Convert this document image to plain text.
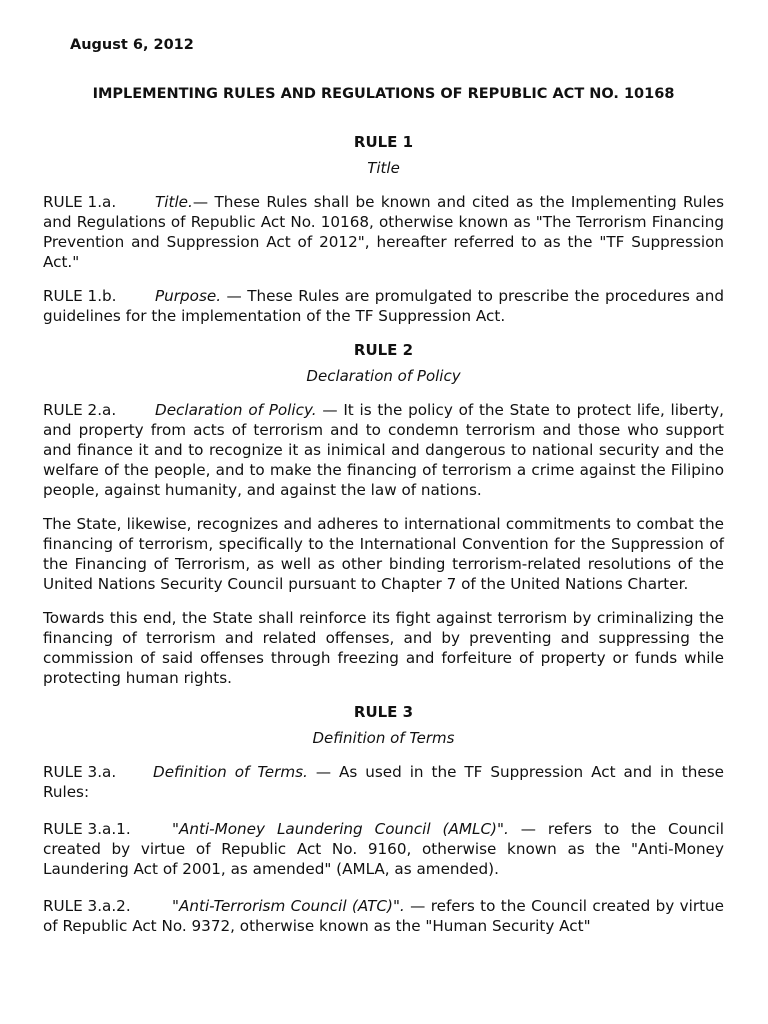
August 6, 2012
IMPLEMENTING RULES AND REGULATIONS OF REPUBLIC ACT NO. 10168
RULE 1
Title

RULE 1.a.	Title.— These Rules shall be known and cited as the Implementing Rules and Regulations of Republic Act No. 10168, otherwise known as "The Terrorism Financing Prevention and Suppression Act of 2012", hereafter referred to as the "TF Suppression Act."

RULE 1.b.	Purpose. — These Rules are promulgated to prescribe the procedures and guidelines for the implementation of the TF Suppression Act.

RULE 2
Declaration of Policy

RULE 2.a.	Declaration of Policy. — It is the policy of the State to protect life, liberty, and property from acts of terrorism and to condemn terrorism and those who support and finance it and to recognize it as inimical and dangerous to national security and the welfare of the people, and to make the financing of terrorism a crime against the Filipino people, against humanity, and against the law of nations.

The State, likewise, recognizes and adheres to international commitments to combat the financing of terrorism, specifically to the International Convention for the Suppression of the Financing of Terrorism, as well as other binding terrorism-related resolutions of the United Nations Security Council pursuant to Chapter 7 of the United Nations Charter.

Towards this end, the State shall reinforce its fight against terrorism by criminalizing the financing of terrorism and related offenses, and by preventing and suppressing the commission of said offenses through freezing and forfeiture of property or funds while protecting human rights.

RULE 3
Definition of Terms

RULE 3.a. Definition of Terms. — As used in the TF Suppression Act and in these Rules:

RULE 3.a.1.	"Anti-Money Laundering Council (AMLC)". — refers to the Council created by virtue of Republic Act No. 9160, otherwise known as the "Anti-Money Laundering Act of 2001, as amended" (AMLA, as amended).

RULE 3.a.2.	"Anti-Terrorism Council (ATC)". — refers to the Council created by virtue of Republic Act No. 9372, otherwise known as the "Human Security Act"
